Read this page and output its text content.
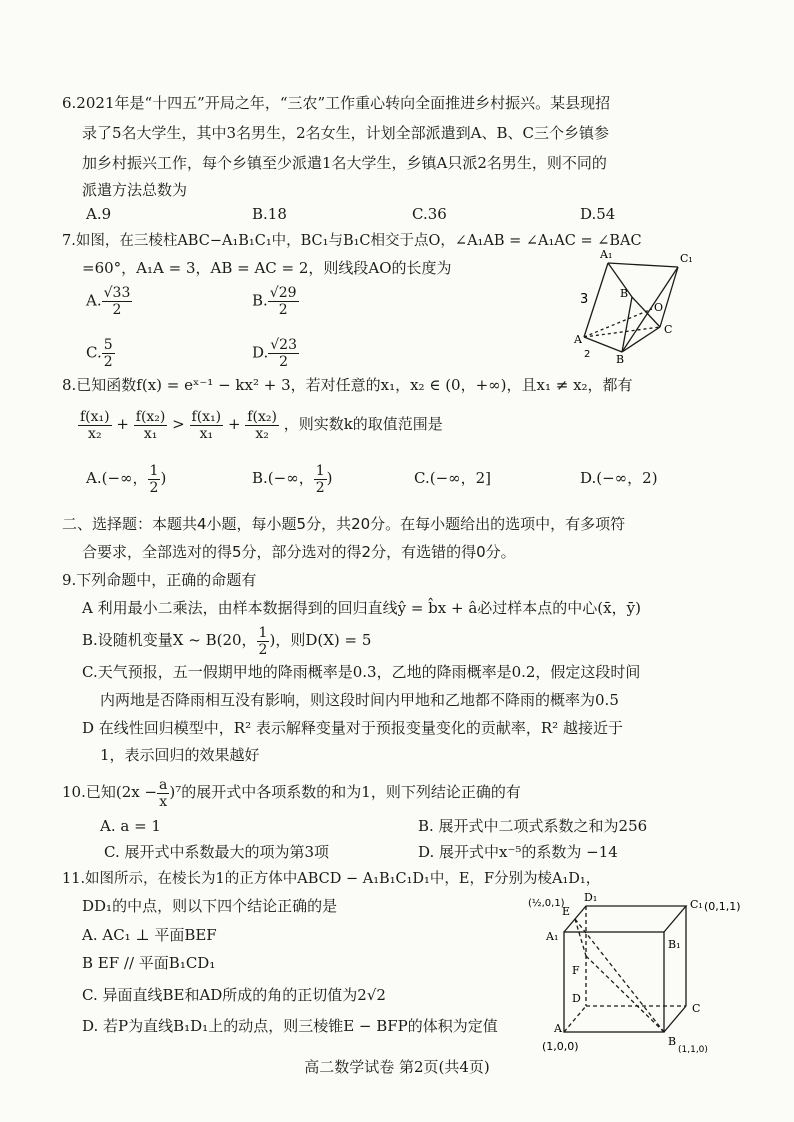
6.2021年是“十四五”开局之年，“三农”工作重心转向全面推进乡村振兴。某县现招
录了5名大学生，其中3名男生，2名女生，计划全部派遣到A、B、C三个乡镇参
加乡村振兴工作，每个乡镇至少派遣1名大学生，乡镇A只派2名男生，则不同的
派遣方法总数为
A.9	B.18	C.36	D.54
7.如图，在三棱柱ABC−A₁B₁C₁中，BC₁与B₁C相交于点O，∠A₁AB = ∠A₁AC = ∠BAC
=60°，A₁A = 3，AB = AC = 2，则线段AO的长度为
A. $\frac{√33}{2}$	B. $\frac{√29}{2}$
C. $\frac{5}{2}$	D. $\frac{√23}{2}$
A₁	C₁
B
O
C
A
B
3
2
8.已知函数f(x) = eˣ⁻¹ − kx² + 3，若对任意的x₁，x₂ ∈ (0，+∞)，且x₁ ≠ x₂，都有
$\frac{\text{f(x₁)}}{\text{x₂}} + \frac{\text{f(x₂)}}{\text{x₁}} > \frac{\text{f(x₁)}}{\text{x₁}} + \frac{\text{f(x₂)}}{\text{x₂}}$ ，则实数k的取值范围是
A.(−∞， $\frac{1}{2}$ )	B.(−∞， $\frac{1}{2}$ )	C.(−∞，2]	D.(−∞，2)
二、选择题：本题共4小题，每小题5分，共20分。在每小题给出的选项中，有多项符
合要求，全部选对的得5分，部分选对的得2分，有选错的得0分。
9.下列命题中，正确的命题有
A 利用最小二乘法，由样本数据得到的回归直线ŷ = b̂x + â必过样本点的中心(x̄，ȳ)
B.设随机变量X ~ B(20， $\frac{1}{2}$ )，则D(X) = 5
C.天气预报，五一假期甲地的降雨概率是0.3，乙地的降雨概率是0.2，假定这段时间
内两地是否降雨相互没有影响，则这段时间内甲地和乙地都不降雨的概率为0.5
D 在线性回归模型中，R² 表示解释变量对于预报变量变化的贡献率，R² 越接近于
1，表示回归的效果越好
10.已知$(2x - \frac{a}{x} )^7$的展开式中各项系数的和为1，则下列结论正确的有
A. a = 1	B. 展开式中二项式系数之和为256
C. 展开式中系数最大的项为第3项	D. 展开式中x⁻⁵的系数为 −14
11.如图所示，在棱长为1的正方体中ABCD − A₁B₁C₁D₁中，E，F分别为棱A₁D₁，
DD₁的中点，则以下四个结论正确的是
A. AC₁ ⊥ 平面BEF
B EF // 平面B₁CD₁
C. 异面直线BE和AD所成的角的正切值为2√2
D. 若P为直线B₁D₁上的动点，则三棱锥E − BFP的体积为定值
D₁
C₁
E
A₁
B₁
F
D
C
A
B
(½,0,1)	(0,1,1)
(1,0,0)	(1,1,0)
高二数学试卷 第2页(共4页)
